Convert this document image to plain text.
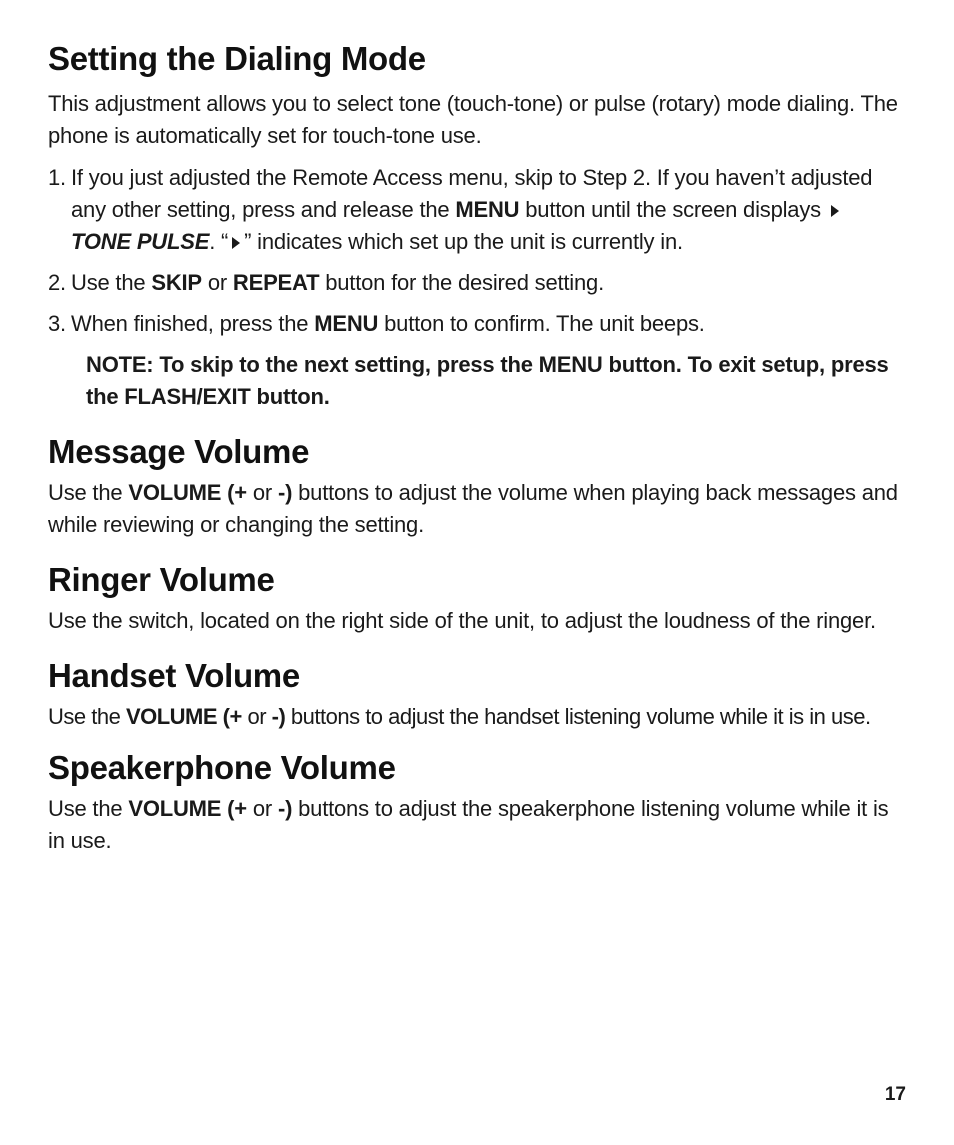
Setting the Dialing Mode

This adjustment allows you to select tone (touch-tone) or pulse (rotary) mode dialing. The phone is automatically set for touch-tone use.

1. If you just adjusted the Remote Access menu, skip to Step 2. If you haven’t adjusted any other setting, press and release the MENU button until the screen displays  TONE PULSE. “ ” indicates which set up the unit is currently in.
2. Use the SKIP or REPEAT button for the desired setting.
3. When finished, press the MENU button to confirm. The unit beeps.
NOTE: To skip to the next setting, press the MENU button. To exit setup, press the FLASH/EXIT button.
Message Volume

Use the VOLUME (+ or -) buttons to adjust the volume when playing back messages and while reviewing or changing the setting.

Ringer Volume

Use the switch, located on the right side of the unit, to adjust the loudness of the ringer.

Handset Volume

Use the VOLUME (+ or -) buttons to adjust the handset listening volume while it is in use.

Speakerphone Volume

Use the VOLUME (+ or -) buttons to adjust the speakerphone listening volume while it is in use.

17
